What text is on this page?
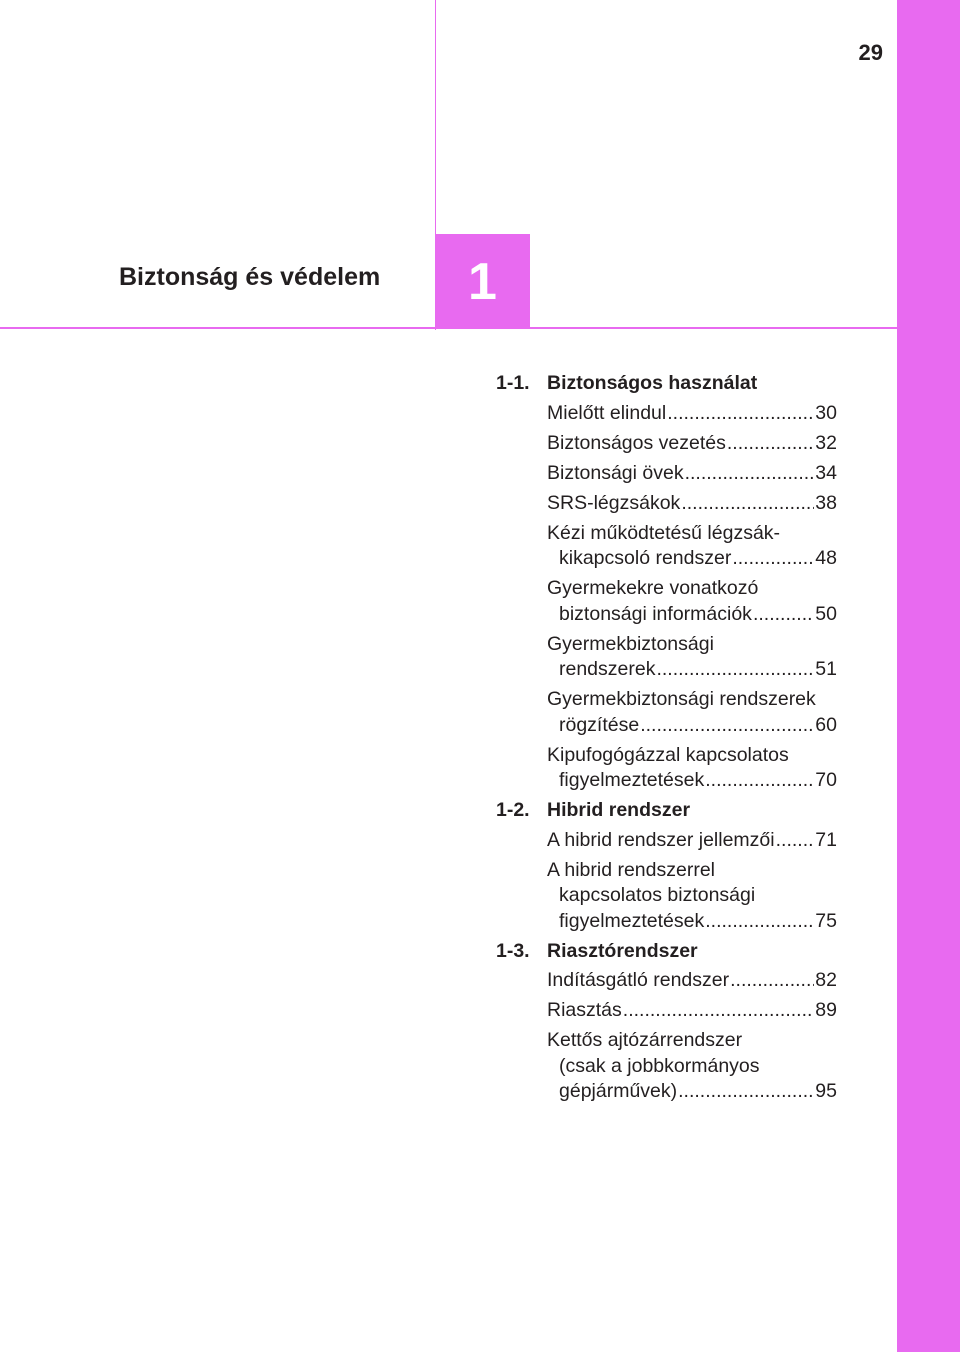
29
Biztonság és védelem 1
1-1. Biztonságos használat
Mielőtt elindul .....	30
Biztonságos vezetés .....	32
Biztonsági övek .....	34
SRS-légzsákok .....	38
Kézi működtetésű légzsák-
kikapcsoló rendszer .....	48
Gyermekekre vonatkozó
biztonsági információk .....	50
Gyermekbiztonsági
rendszerek .....	51
Gyermekbiztonsági rendszerek
rögzítése .....	60
Kipufogógázzal kapcsolatos
figyelmeztetések .....	70
1-2. Hibrid rendszer
A hibrid rendszer jellemzői ..... 71
A hibrid rendszerrel
kapcsolatos biztonsági
figyelmeztetések .....	75
1-3. Riasztórendszer
Indításgátló rendszer .....	82
Riasztás .....	89
Kettős ajtózárrendszer
(csak a jobbkormányos
gépjárművek) .....	95
